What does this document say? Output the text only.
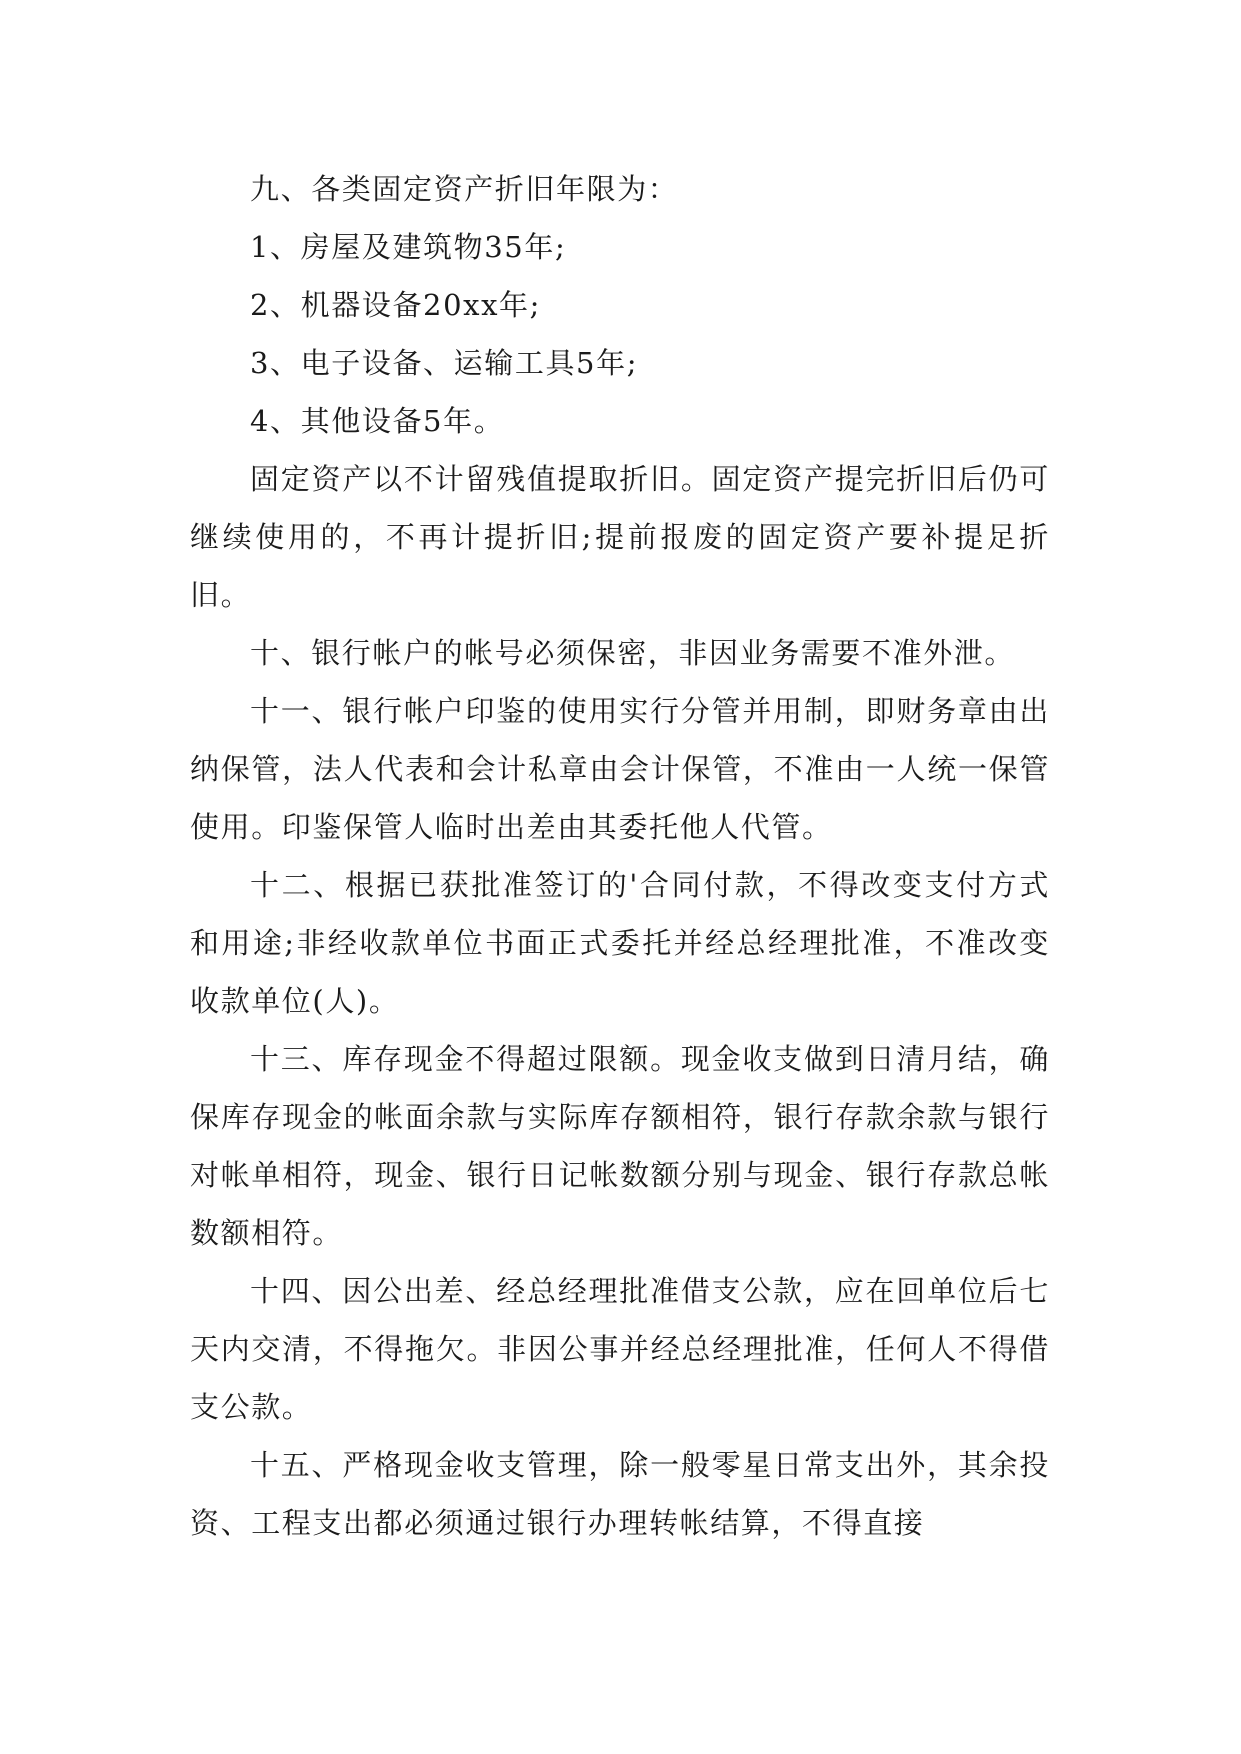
九、各类固定资产折旧年限为：

1、房屋及建筑物35年;

2、机器设备20xx年;

3、电子设备、运输工具5年;

4、其他设备5年。

固定资产以不计留残值提取折旧。固定资产提完折旧后仍可继续使用的，不再计提折旧;提前报废的固定资产要补提足折旧。

十、银行帐户的帐号必须保密，非因业务需要不准外泄。

十一、银行帐户印鉴的使用实行分管并用制，即财务章由出纳保管，法人代表和会计私章由会计保管，不准由一人统一保管使用。印鉴保管人临时出差由其委托他人代管。

十二、根据已获批准签订的'合同付款，不得改变支付方式和用途;非经收款单位书面正式委托并经总经理批准，不准改变收款单位(人)。

十三、库存现金不得超过限额。现金收支做到日清月结，确保库存现金的帐面余款与实际库存额相符，银行存款余款与银行对帐单相符，现金、银行日记帐数额分别与现金、银行存款总帐数额相符。

十四、因公出差、经总经理批准借支公款，应在回单位后七天内交清，不得拖欠。非因公事并经总经理批准，任何人不得借支公款。

十五、严格现金收支管理，除一般零星日常支出外，其余投资、工程支出都必须通过银行办理转帐结算，不得直接
